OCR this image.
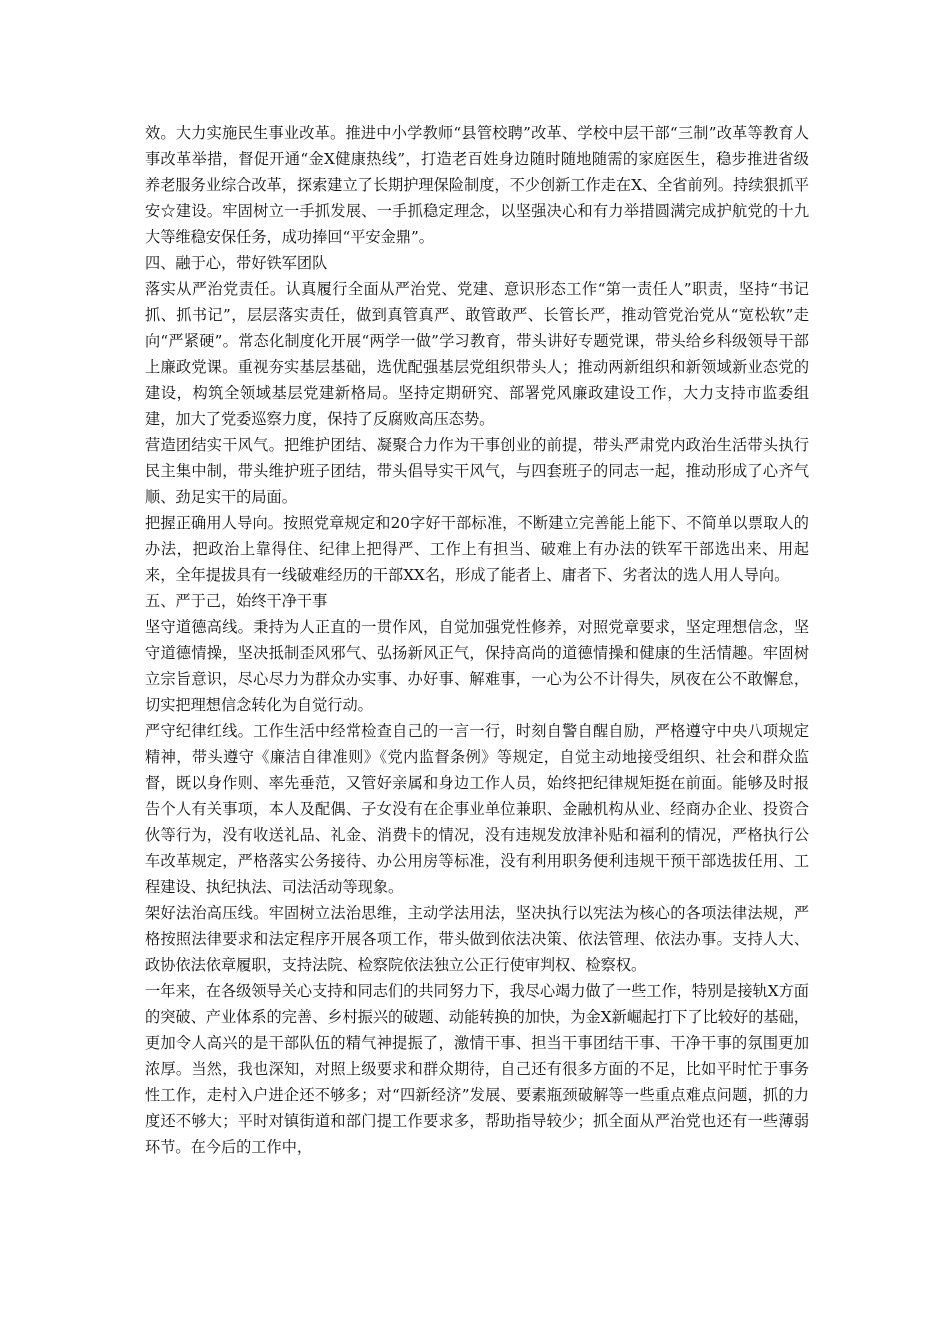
效。大力实施民生事业改革。推进中小学教师“县管校聘”改革、学校中层干部“三制”改革等教育人事改革举措，督促开通“金X健康热线”，打造老百姓身边随时随地随需的家庭医生，稳步推进省级养老服务业综合改革，探索建立了长期护理保险制度，不少创新工作走在X、全省前列。持续狠抓平安☆建设。牢固树立一手抓发展、一手抓稳定理念，以坚强决心和有力举措圆满完成护航党的十九大等维稳安保任务，成功捧回“平安金鼎”。

四、融于心，带好铁军团队

落实从严治党责任。认真履行全面从严治党、党建、意识形态工作“第一责任人”职责，坚持“书记抓、抓书记”，层层落实责任，做到真管真严、敢管敢严、长管长严，推动管党治党从“宽松软”走向“严紧硬”。常态化制度化开展“两学一做”学习教育，带头讲好专题党课，带头给乡科级领导干部上廉政党课。重视夯实基层基础，选优配强基层党组织带头人；推动两新组织和新领域新业态党的建设，构筑全领域基层党建新格局。坚持定期研究、部署党风廉政建设工作，大力支持市监委组建，加大了党委巡察力度，保持了反腐败高压态势。

营造团结实干风气。把维护团结、凝聚合力作为干事创业的前提，带头严肃党内政治生活带头执行民主集中制，带头维护班子团结，带头倡导实干风气，与四套班子的同志一起，推动形成了心齐气顺、劲足实干的局面。

把握正确用人导向。按照党章规定和20字好干部标准，不断建立完善能上能下、不简单以票取人的办法，把政治上靠得住、纪律上把得严、工作上有担当、破难上有办法的铁军干部选出来、用起来，全年提拔具有一线破难经历的干部XX名，形成了能者上、庸者下、劣者汰的选人用人导向。

五、严于己，始终干净干事

坚守道德高线。秉持为人正直的一贯作风，自觉加强党性修养，对照党章要求，坚定理想信念，坚守道德情操，坚决抵制歪风邪气、弘扬新风正气，保持高尚的道德情操和健康的生活情趣。牢固树立宗旨意识，尽心尽力为群众办实事、办好事、解难事，一心为公不计得失，夙夜在公不敢懈怠，切实把理想信念转化为自觉行动。

严守纪律红线。工作生活中经常检查自己的一言一行，时刻自警自醒自励，严格遵守中央八项规定精神，带头遵守《廉洁自律准则》《党内监督条例》等规定，自觉主动地接受组织、社会和群众监督，既以身作则、率先垂范，又管好亲属和身边工作人员，始终把纪律规矩挺在前面。能够及时报告个人有关事项，本人及配偶、子女没有在企事业单位兼职、金融机构从业、经商办企业、投资合伙等行为，没有收送礼品、礼金、消费卡的情况，没有违规发放津补贴和福利的情况，严格执行公车改革规定，严格落实公务接待、办公用房等标准，没有利用职务便利违规干预干部选拔任用、工程建设、执纪执法、司法活动等现象。

架好法治高压线。牢固树立法治思维，主动学法用法，坚决执行以宪法为核心的各项法律法规，严格按照法律要求和法定程序开展各项工作，带头做到依法决策、依法管理、依法办事。支持人大、政协依法依章履职，支持法院、检察院依法独立公正行使审判权、检察权。

一年来，在各级领导关心支持和同志们的共同努力下，我尽心竭力做了一些工作，特别是接轨X方面的突破、产业体系的完善、乡村振兴的破题、动能转换的加快，为金X新崛起打下了比较好的基础，更加令人高兴的是干部队伍的精气神提振了，激情干事、担当干事团结干事、干净干事的氛围更加浓厚。当然，我也深知，对照上级要求和群众期待，自己还有很多方面的不足，比如平时忙于事务性工作，走村入户进企还不够多；对“四新经济”发展、要素瓶颈破解等一些重点难点问题，抓的力度还不够大；平时对镇街道和部门提工作要求多，帮助指导较少；抓全面从严治党也还有一些薄弱环节。在今后的工作中，
